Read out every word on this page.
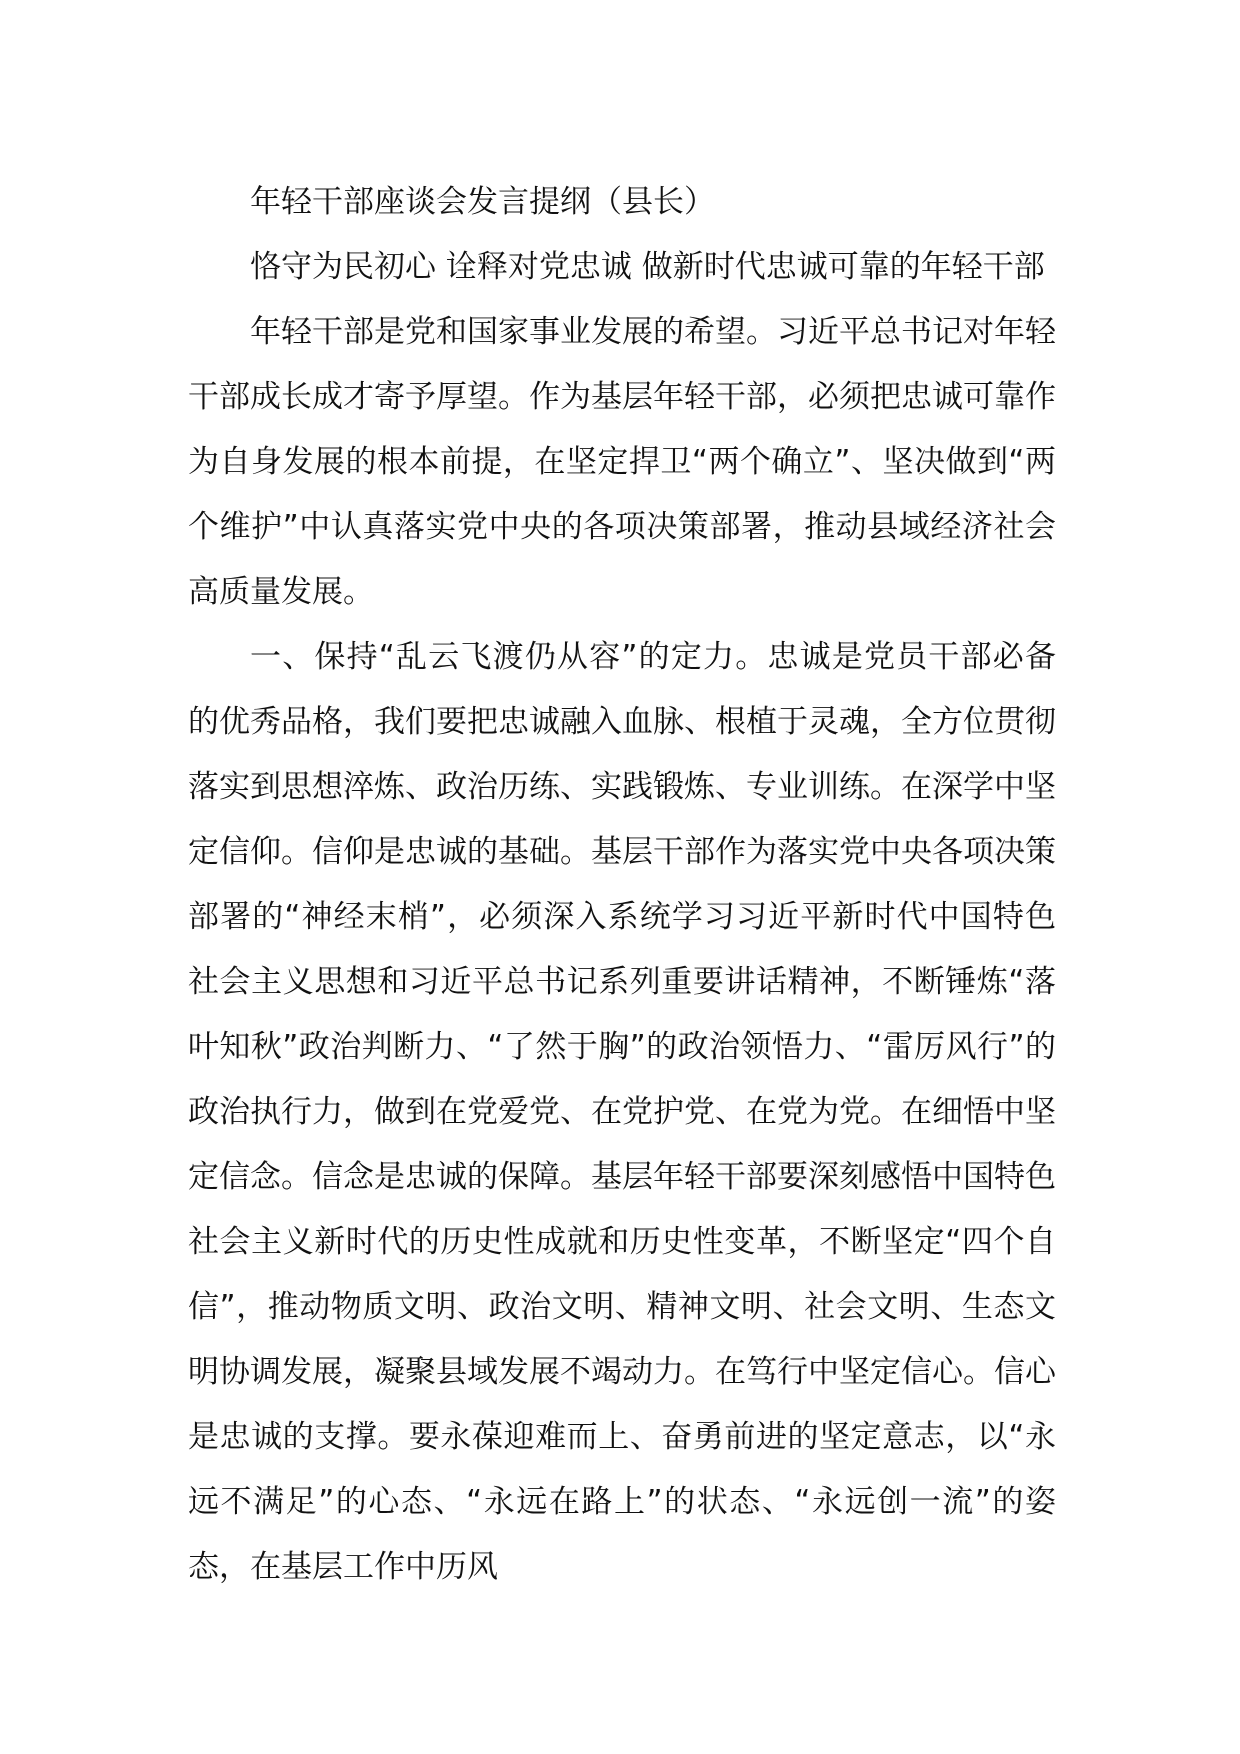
年轻干部座谈会发言提纲（县长）

恪守为民初心 诠释对党忠诚 做新时代忠诚可靠的年轻干部

年轻干部是党和国家事业发展的希望。习近平总书记对年轻干部成长成才寄予厚望。作为基层年轻干部，必须把忠诚可靠作为自身发展的根本前提，在坚定捍卫“两个确立”、坚决做到“两个维护”中认真落实党中央的各项决策部署，推动县域经济社会高质量发展。

一、保持“乱云飞渡仍从容”的定力。忠诚是党员干部必备的优秀品格，我们要把忠诚融入血脉、根植于灵魂，全方位贯彻落实到思想淬炼、政治历练、实践锻炼、专业训练。在深学中坚定信仰。信仰是忠诚的基础。基层干部作为落实党中央各项决策部署的“神经末梢”，必须深入系统学习习近平新时代中国特色社会主义思想和习近平总书记系列重要讲话精神，不断锤炼“落叶知秋”政治判断力、“了然于胸”的政治领悟力、“雷厉风行”的政治执行力，做到在党爱党、在党护党、在党为党。在细悟中坚定信念。信念是忠诚的保障。基层年轻干部要深刻感悟中国特色社会主义新时代的历史性成就和历史性变革，不断坚定“四个自信”，推动物质文明、政治文明、精神文明、社会文明、生态文明协调发展，凝聚县域发展不竭动力。在笃行中坚定信心。信心是忠诚的支撑。要永葆迎难而上、奋勇前进的坚定意志，以“永远不满足”的心态、“永远在路上”的状态、“永远创一流”的姿态，在基层工作中历风
